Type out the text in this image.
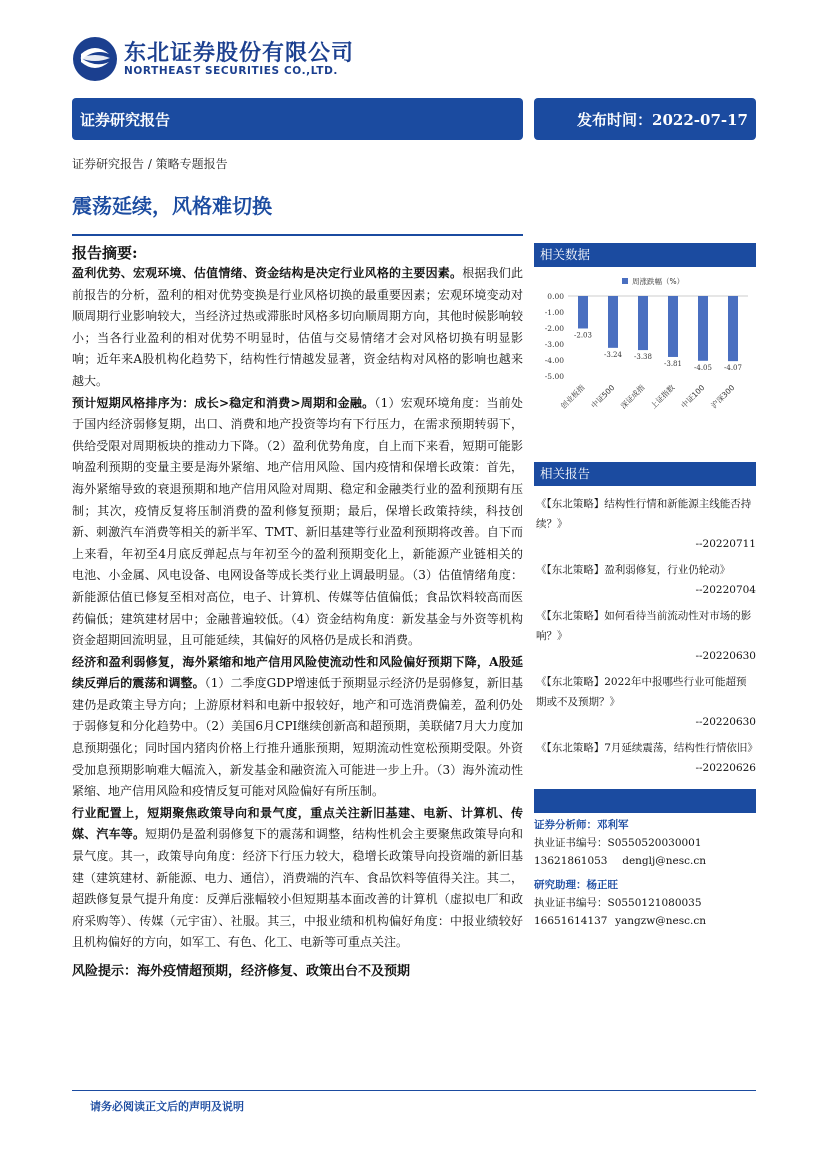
东北证券股份有限公司
NORTHEAST SECURITIES CO.,LTD.
证券研究报告	发布时间：2022-07-17
证券研究报告 / 策略专题报告
震荡延续，风格难切换
报告摘要:
盈利优势、宏观环境、估值情绪、资金结构是决定行业风格的主要因素。根据我们此前报告的分析，盈利的相对优势变换是行业风格切换的最重要因素；宏观环境变动对顺周期行业影响较大，当经济过热或滞胀时风格多切向顺周期方向，其他时候影响较小；当各行业盈利的相对优势不明显时，估值与交易情绪才会对风格切换有明显影响；近年来A股机构化趋势下，结构性行情越发显著，资金结构对风格的影响也越来越大。
预计短期风格排序为：成长>稳定和消费>周期和金融。（1）宏观环境角度：当前处于国内经济弱修复期，出口、消费和地产投资等均有下行压力，在需求预期转弱下，供给受限对周期板块的推动力下降。（2）盈利优势角度，自上而下来看，短期可能影响盈利预期的变量主要是海外紧缩、地产信用风险、国内疫情和保增长政策：首先，海外紧缩导致的衰退预期和地产信用风险对周期、稳定和金融类行业的盈利预期有压制；其次，疫情反复将压制消费的盈利修复预期；最后，保增长政策持续，科技创新、刺激汽车消费等相关的新半军、TMT、新旧基建等行业盈利预期将改善。自下而上来看，年初至4月底反弹起点与年初至今的盈利预期变化上，新能源产业链相关的电池、小金属、风电设备、电网设备等成长类行业上调最明显。（3）估值情绪角度：新能源估值已修复至相对高位，电子、计算机、传媒等估值偏低；食品饮料较高而医药偏低；建筑建材居中；金融普遍较低。（4）资金结构角度：新发基金与外资等机构资金超期回流明显，且可能延续，其偏好的风格仍是成长和消费。
经济和盈利弱修复，海外紧缩和地产信用风险使流动性和风险偏好预期下降，A股延续反弹后的震荡和调整。（1）二季度GDP增速低于预期显示经济仍是弱修复，新旧基建仍是政策主导方向；上游原材料和电新中报较好，地产和可选消费偏差，盈利仍处于弱修复和分化趋势中。（2）美国6月CPI继续创新高和超预期，美联储7月大力度加息预期强化；同时国内猪肉价格上行推升通胀预期，短期流动性宽松预期受限。外资受加息预期影响难大幅流入，新发基金和融资流入可能进一步上升。（3）海外流动性紧缩、地产信用风险和疫情反复可能对风险偏好有所压制。
行业配置上，短期聚焦政策导向和景气度，重点关注新旧基建、电新、计算机、传媒、汽车等。短期仍是盈利弱修复下的震荡和调整，结构性机会主要聚焦政策导向和景气度。其一，政策导向角度：经济下行压力较大，稳增长政策导向投资端的新旧基建（建筑建材、新能源、电力、通信），消费端的汽车、食品饮料等值得关注。其二，超跌修复景气提升角度：反弹后涨幅较小但短期基本面改善的计算机（虚拟电厂和政府采购等）、传媒（元宇宙）、社服。其三，中报业绩和机构偏好角度：中报业绩较好且机构偏好的方向，如军工、有色、化工、电新等可重点关注。
风险提示：海外疫情超预期，经济修复、政策出台不及预期
相关数据
周涨跌幅（%）
0.00
-1.00
-2.00
-3.00
-4.00
-5.00
-2.03
创业板指
-3.24
中证500
-3.38
深证成指
-3.81
上证指数
-4.05
中证100
-4.07
沪深300
相关报告
《【东北策略】结构性行情和新能源主线能否持续？》
--20220711
《【东北策略】盈利弱修复，行业仍轮动》
--20220704
《【东北策略】如何看待当前流动性对市场的影响？》
--20220630
《【东北策略】2022年中报哪些行业可能超预期或不及预期？》
--20220630
《【东北策略】7月延续震荡，结构性行情依旧》
--20220626
证券分析师：邓利军
执业证书编号：S0550520030001
13621861053 denglj@nesc.cn
研究助理：杨正旺
执业证书编号：S0550121080035
16651614137 yangzw@nesc.cn
请务必阅读正文后的声明及说明
